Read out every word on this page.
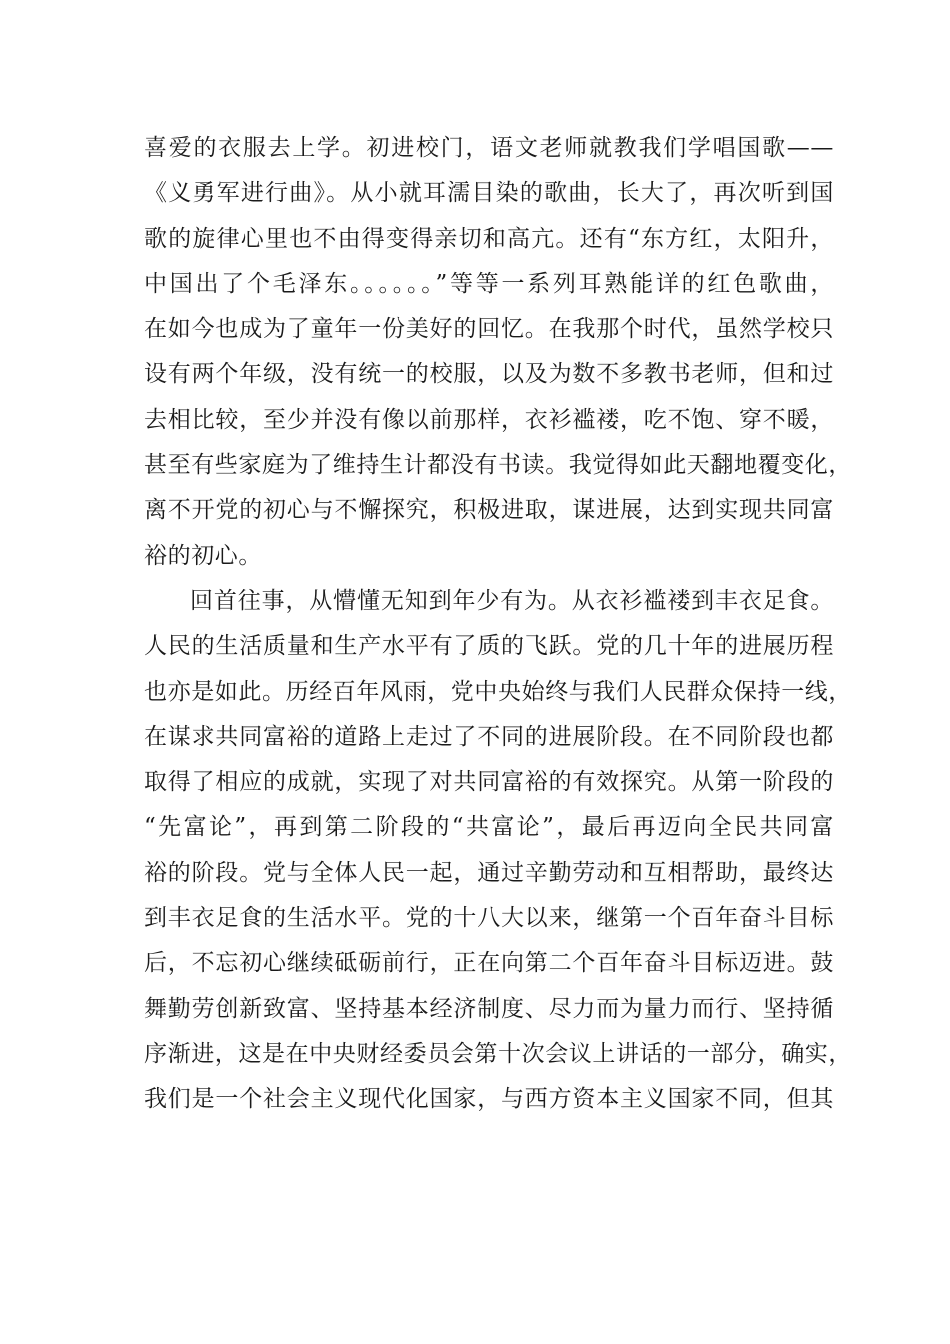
喜爱的衣服去上学。初进校门，语文老师就教我们学唱国歌——
《义勇军进行曲》。从小就耳濡目染的歌曲，长大了，再次听到国
歌的旋律心里也不由得变得亲切和高亢。还有“东方红，太阳升，
中国出了个毛泽东。。。。。。”等等一系列耳熟能详的红色歌曲，
在如今也成为了童年一份美好的回忆。在我那个时代，虽然学校只
设有两个年级，没有统一的校服，以及为数不多教书老师，但和过
去相比较，至少并没有像以前那样，衣衫褴褛，吃不饱、穿不暖，
甚至有些家庭为了维持生计都没有书读。我觉得如此天翻地覆变化，
离不开党的初心与不懈探究，积极进取，谋进展，达到实现共同富
裕的初心。
回首往事，从懵懂无知到年少有为。从衣衫褴褛到丰衣足食。
人民的生活质量和生产水平有了质的飞跃。党的几十年的进展历程
也亦是如此。历经百年风雨，党中央始终与我们人民群众保持一线，
在谋求共同富裕的道路上走过了不同的进展阶段。在不同阶段也都
取得了相应的成就，实现了对共同富裕的有效探究。从第一阶段的
“先富论”，再到第二阶段的“共富论”，最后再迈向全民共同富
裕的阶段。党与全体人民一起，通过辛勤劳动和互相帮助，最终达
到丰衣足食的生活水平。党的十八大以来，继第一个百年奋斗目标
后，不忘初心继续砥砺前行，正在向第二个百年奋斗目标迈进。鼓
舞勤劳创新致富、坚持基本经济制度、尽力而为量力而行、坚持循
序渐进，这是在中央财经委员会第十次会议上讲话的一部分，确实，
我们是一个社会主义现代化国家，与西方资本主义国家不同，但其
